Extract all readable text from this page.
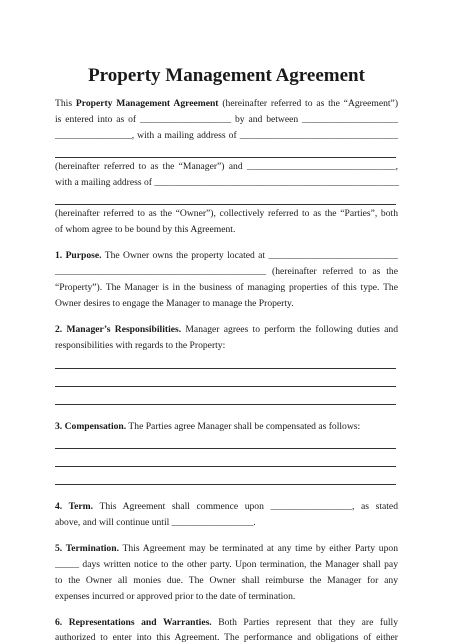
Property Management Agreement
This Property Management Agreement (hereinafter referred to as the “Agreement”)
is entered into as of ___________________ by and between ____________________
________________, with a mailing address of _________________________________
(hereinafter referred to as the “Manager”) and _______________________________,
with a mailing address of ___________________________________________________
(hereinafter referred to as the “Owner”), collectively referred to as the “Parties”, both
of whom agree to be bound by this Agreement.
1. Purpose. The Owner owns the property located at ___________________________
____________________________________________ (hereinafter referred to as the
“Property”). The Manager is in the business of managing properties of this type. The
Owner desires to engage the Manager to manage the Property.
2. Manager’s Responsibilities. Manager agrees to perform the following duties and
responsibilities with regards to the Property:
3. Compensation. The Parties agree Manager shall be compensated as follows:
4. Term. This Agreement shall commence upon _________________, as stated
above, and will continue until _________________.
5. Termination. This Agreement may be terminated at any time by either Party upon
_____ days written notice to the other party. Upon termination, the Manager shall pay
to the Owner all monies due. The Owner shall reimburse the Manager for any
expenses incurred or approved prior to the date of termination.
6. Representations and Warranties. Both Parties represent that they are fully
authorized to enter into this Agreement. The performance and obligations of either
